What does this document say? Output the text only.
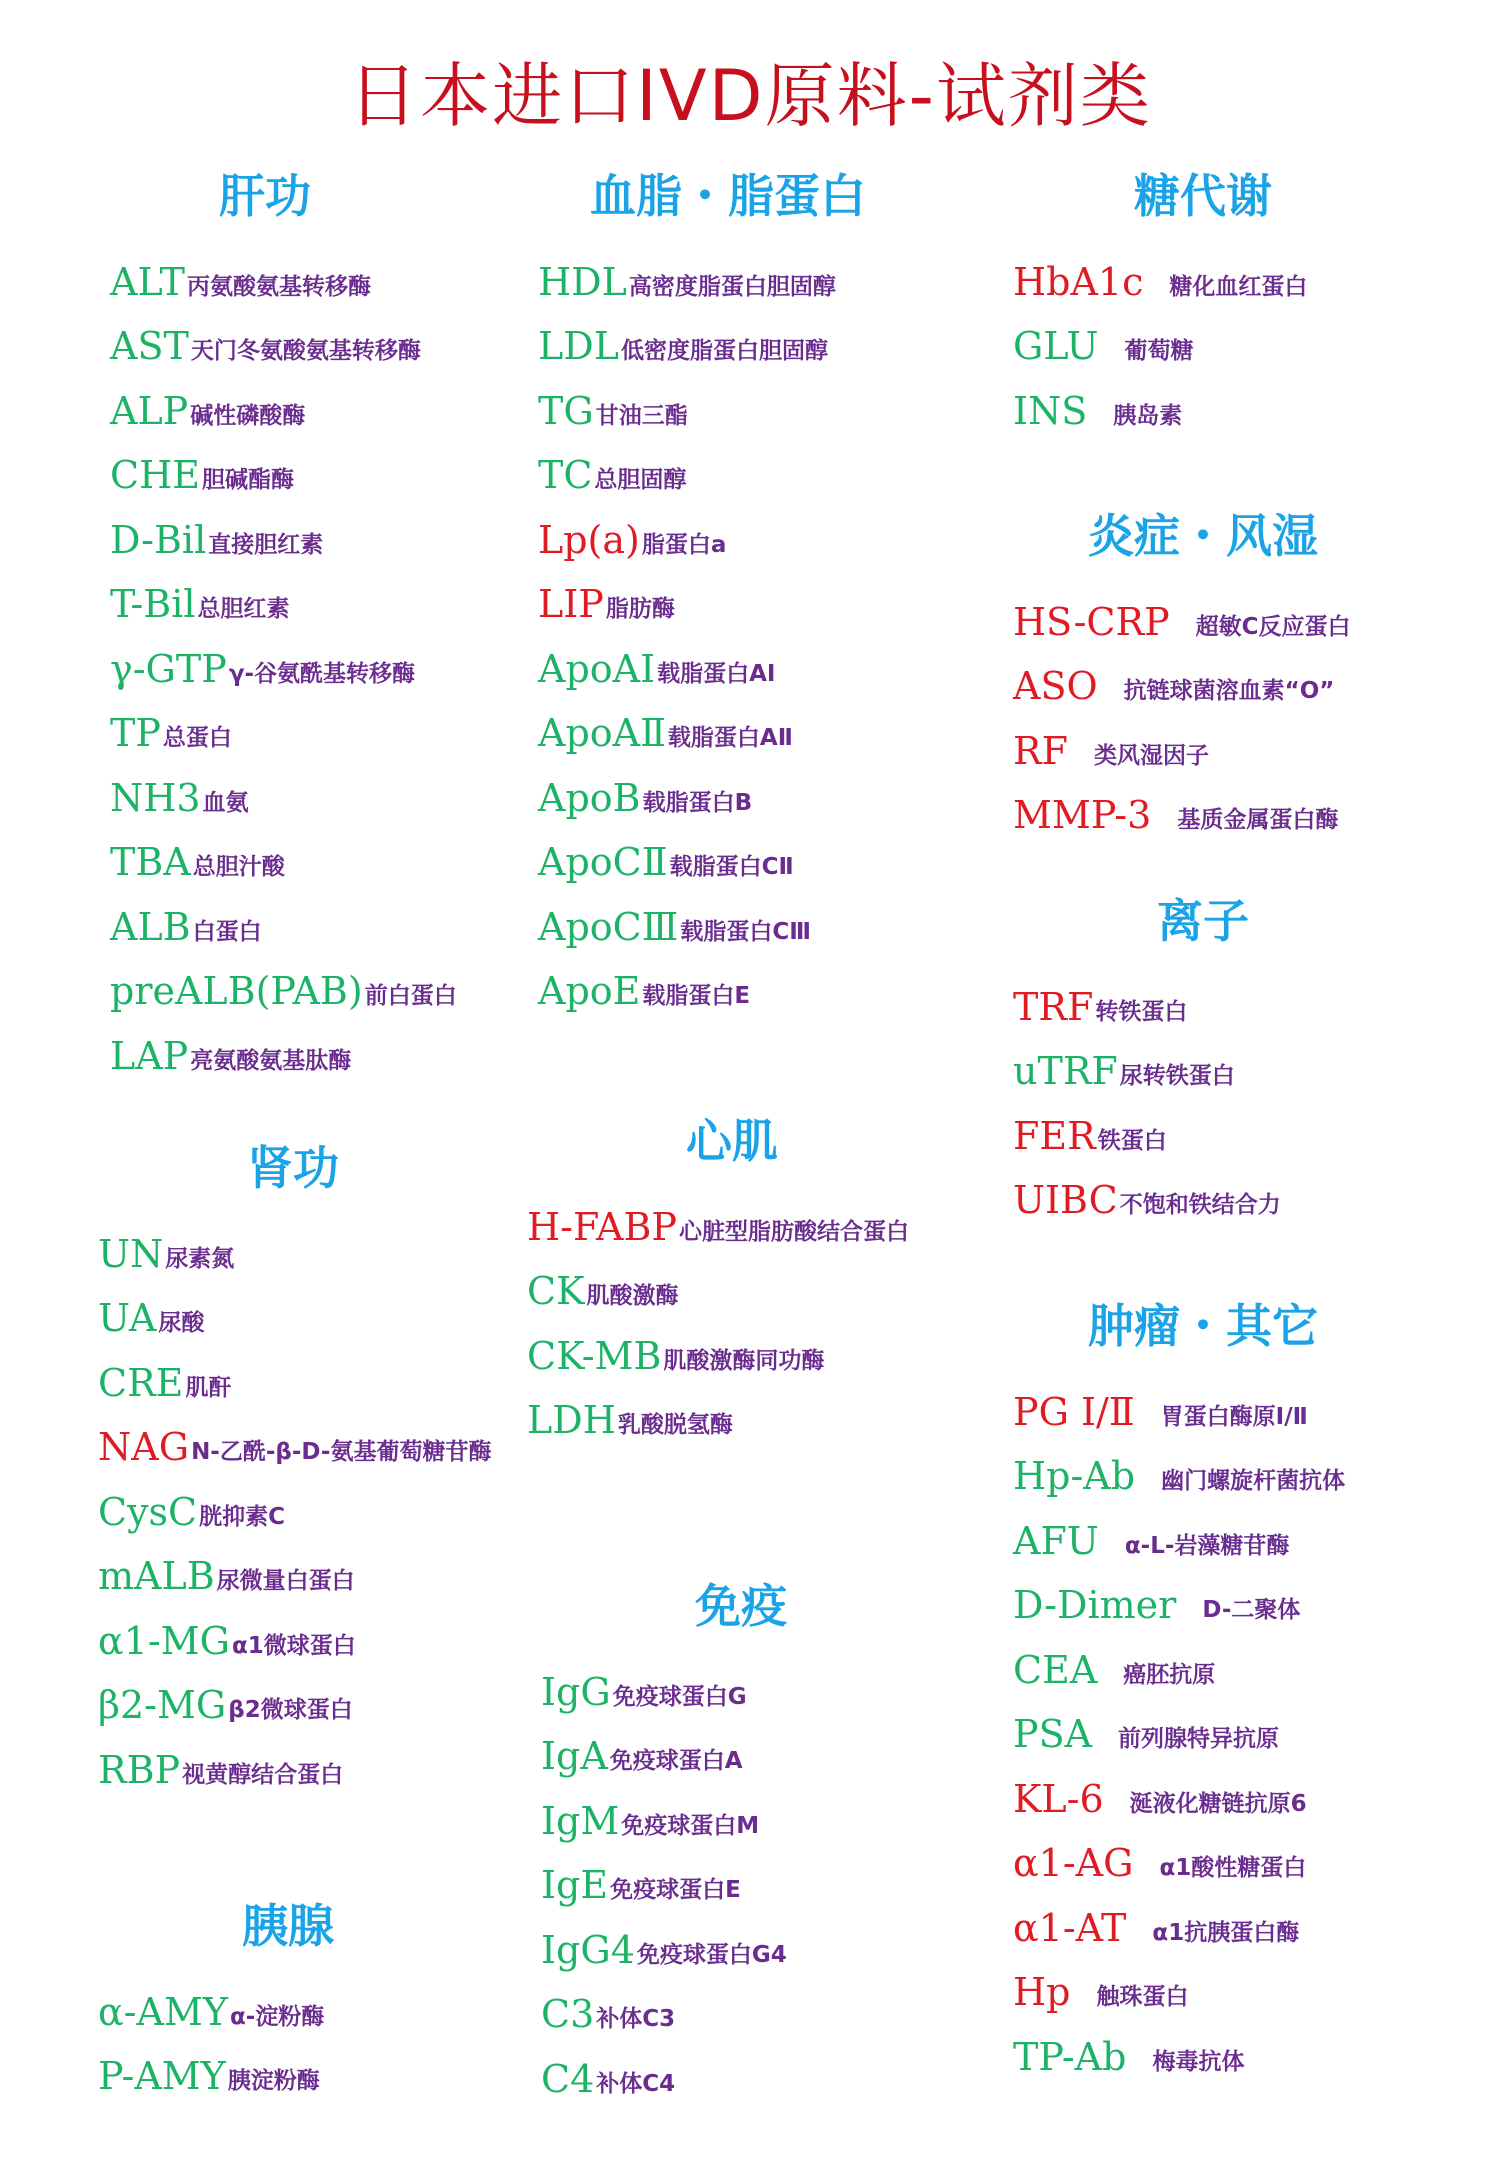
日本进口IVD原料-试剂类
肝功
ALT 丙氨酸氨基转移酶
AST 天门冬氨酸氨基转移酶
ALP 碱性磷酸酶
CHE 胆碱酯酶
D-Bil 直接胆红素
T-Bil 总胆红素
γ-GTP γ-谷氨酰基转移酶
TP 总蛋白
NH3 血氨
TBA 总胆汁酸
ALB 白蛋白
preALB(PAB) 前白蛋白
LAP 亮氨酸氨基肽酶
肾功
UN 尿素氮
UA 尿酸
CRE 肌酐
NAG N-乙酰-β-D-氨基葡萄糖苷酶
CysC 胱抑素C
mALB 尿微量白蛋白
α1-MG α1微球蛋白
β2-MG β2微球蛋白
RBP 视黄醇结合蛋白
胰腺
α-AMY α-淀粉酶
P-AMY 胰淀粉酶
血脂・脂蛋白
HDL 高密度脂蛋白胆固醇
LDL 低密度脂蛋白胆固醇
TG 甘油三酯
TC 总胆固醇
Lp(a) 脂蛋白a
LIP 脂肪酶
ApoAⅠ 载脂蛋白AⅠ
ApoAⅡ 载脂蛋白AⅡ
ApoB 载脂蛋白B
ApoCⅡ 载脂蛋白CⅡ
ApoCⅢ 载脂蛋白CⅢ
ApoE 载脂蛋白E
心肌
H-FABP 心脏型脂肪酸结合蛋白
CK 肌酸激酶
CK-MB 肌酸激酶同功酶
LDH 乳酸脱氢酶
免疫
IgG 免疫球蛋白G
IgA 免疫球蛋白A
IgM 免疫球蛋白M
IgE 免疫球蛋白E
IgG4 免疫球蛋白G4
C3 补体C3
C4 补体C4
糖代谢
HbA1c 糖化血红蛋白
GLU 葡萄糖
INS 胰岛素
炎症・风湿
HS-CRP 超敏C反应蛋白
ASO 抗链球菌溶血素“O”
RF 类风湿因子
MMP-3 基质金属蛋白酶
离子
TRF 转铁蛋白
uTRF 尿转铁蛋白
FER 铁蛋白
UIBC 不饱和铁结合力
肿瘤・其它
PG Ⅰ/Ⅱ 胃蛋白酶原Ⅰ/Ⅱ
Hp-Ab 幽门螺旋杆菌抗体
AFU α-L-岩藻糖苷酶
D-Dimer D-二聚体
CEA 癌胚抗原
PSA 前列腺特异抗原
KL-6 涎液化糖链抗原6
α1-AG α1酸性糖蛋白
α1-AT α1抗胰蛋白酶
Hp 触珠蛋白
TP-Ab 梅毒抗体
